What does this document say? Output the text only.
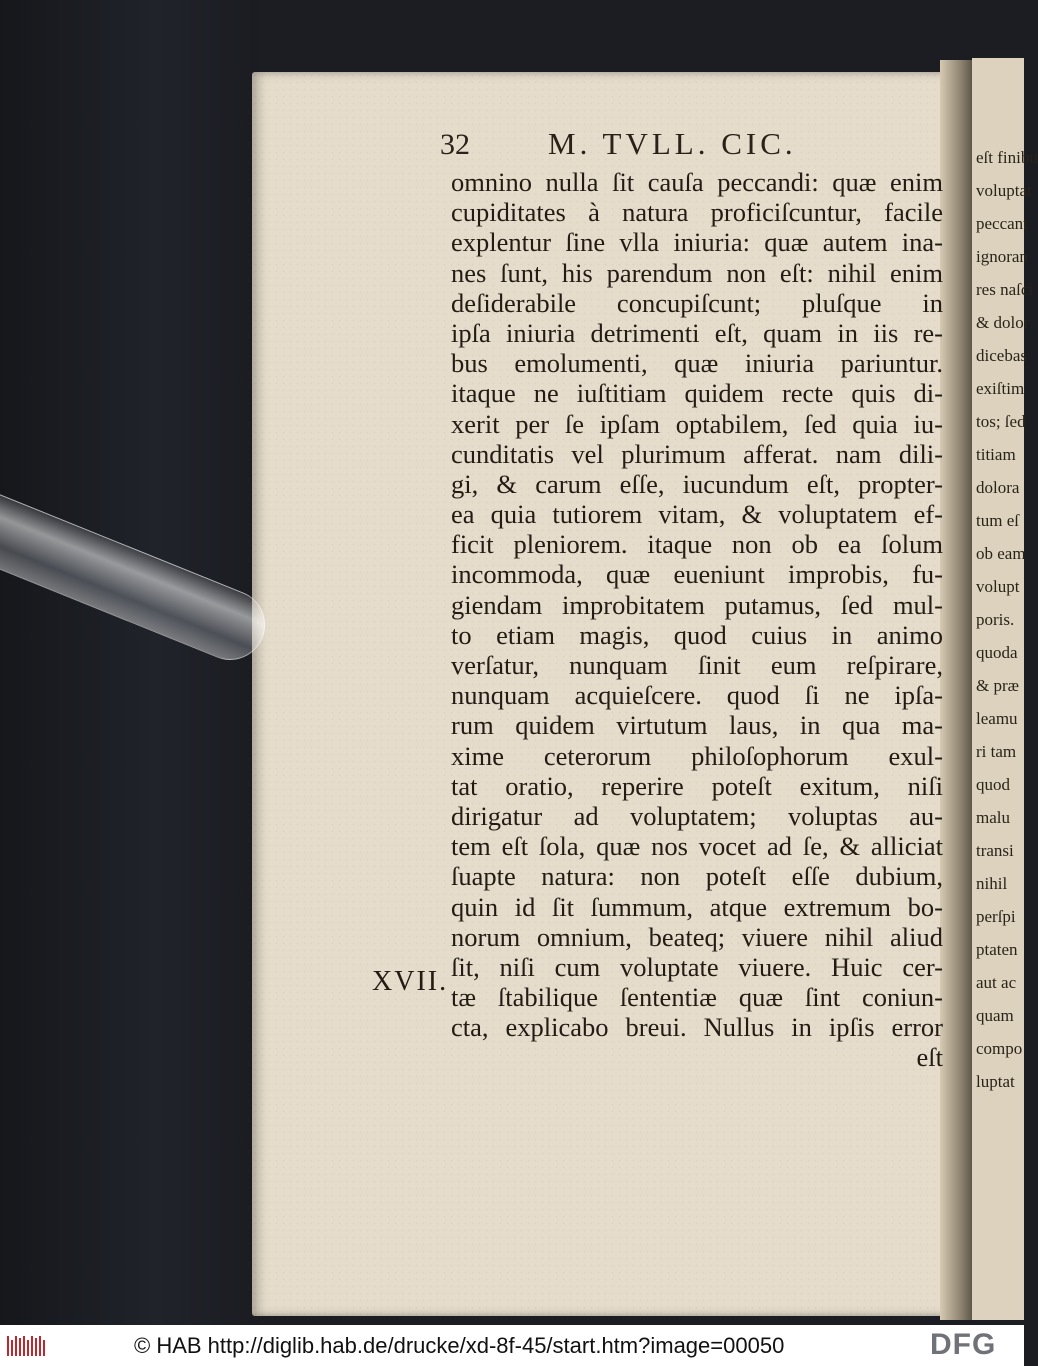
eſt finibu
voluptat
peccant
ignoran
res naſci
& dolor
dicebas
exiſtim
tos; ſed
titiam
dolora
tum eſ
ob eam
volupt
poris.
quoda
& præ
leamu
ri tam
quod
malu
transi
nihil
perſpi
ptaten
aut ac
quam
compo
luptat
32	M. TVLL. CIC.
omnino nulla ſit cauſa peccandi: quæ enim
cupiditates à natura proficiſcuntur, facile
explentur ſine vlla iniuria: quæ autem ina-
nes ſunt, his parendum non eſt: nihil enim
deſiderabile concupiſcunt; pluſque in
ipſa iniuria detrimenti eſt, quam in iis re-
bus emolumenti, quæ iniuria pariuntur.
itaque ne iuſtitiam quidem recte quis di-
xerit per ſe ipſam optabilem, ſed quia iu-
cunditatis vel plurimum afferat. nam dili-
gi, & carum eſſe, iucundum eſt, propter-
ea quia tutiorem vitam, & voluptatem ef-
ficit pleniorem. itaque non ob ea ſolum
incommoda, quæ eueniunt improbis, fu-
giendam improbitatem putamus, ſed mul-
to etiam magis, quod cuius in animo
verſatur, nunquam ſinit eum reſpirare,
nunquam acquieſcere. quod ſi ne ipſa-
rum quidem virtutum laus, in qua ma-
xime ceterorum philoſophorum exul-
tat oratio, reperire poteſt exitum, niſi
dirigatur ad voluptatem; voluptas au-
tem eſt ſola, quæ nos vocet ad ſe, & alliciat
ſuapte natura: non poteſt eſſe dubium,
quin id ſit ſummum, atque extremum bo-
norum omnium, beateq; viuere nihil aliud
ſit, niſi cum voluptate viuere. Huic cer-
tæ ſtabilique ſententiæ quæ ſint coniun-
cta, explicabo breui. Nullus in ipſis error
eſt
XVII.
© HAB http://diglib.hab.de/drucke/xd-8f-45/start.htm?image=00050	DFG
